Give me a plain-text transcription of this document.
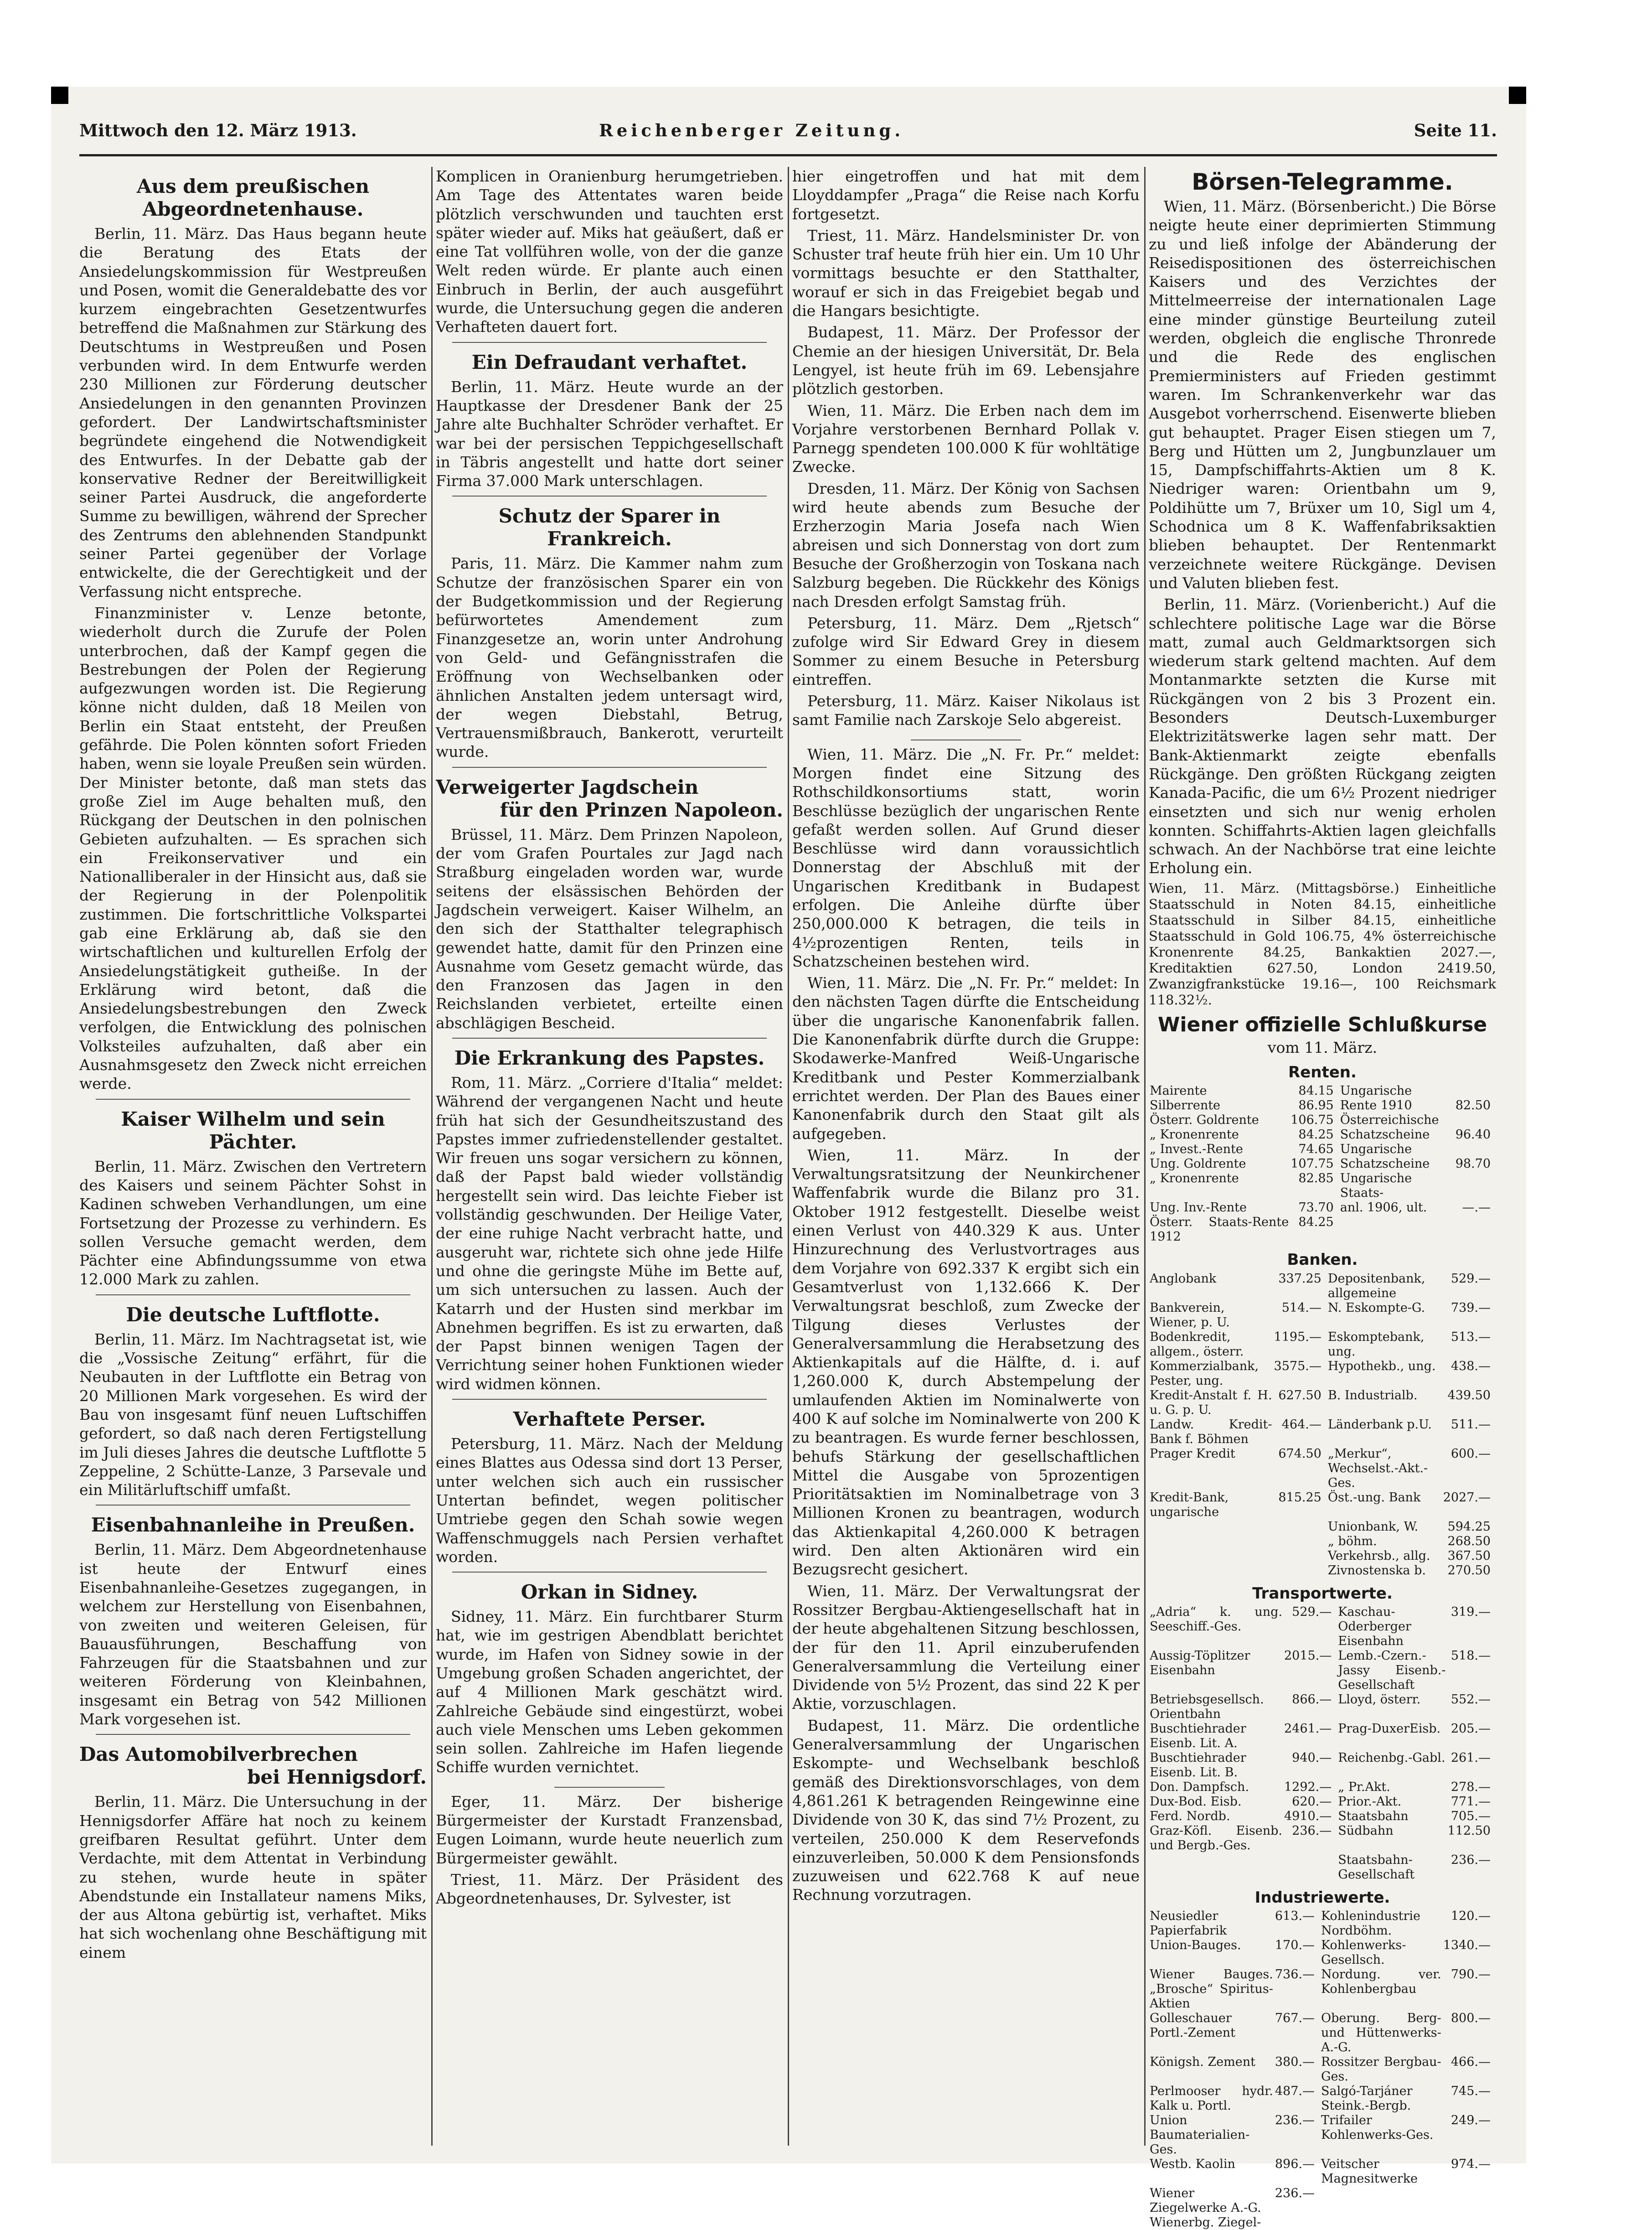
Mittwoch den 12. März 1913.	Reichenberger Zeitung.	Seite 11.
Aus dem preußischen Abgeordnetenhause.

Berlin, 11. März. Das Haus begann heute die Beratung des Etats der Ansiedelungskommission für Westpreußen und Posen, womit die Generaldebatte des vor kurzem eingebrachten Gesetzentwurfes betreffend die Maßnahmen zur Stärkung des Deutschtums in Westpreußen und Posen verbunden wird. In dem Entwurfe werden 230 Millionen zur Förderung deutscher Ansiedelungen in den genannten Provinzen gefordert. Der Landwirtschaftsminister begründete eingehend die Notwendigkeit des Entwurfes. In der Debatte gab der konservative Redner der Bereitwilligkeit seiner Partei Ausdruck, die angeforderte Summe zu bewilligen, während der Sprecher des Zentrums den ablehnenden Standpunkt seiner Partei gegenüber der Vorlage entwickelte, die der Gerechtigkeit und der Verfassung nicht entspreche.

Finanzminister v. Lenze betonte, wiederholt durch die Zurufe der Polen unterbrochen, daß der Kampf gegen die Bestrebungen der Polen der Regierung aufgezwungen worden ist. Die Regierung könne nicht dulden, daß 18 Meilen von Berlin ein Staat entsteht, der Preußen gefährde. Die Polen könnten sofort Frieden haben, wenn sie loyale Preußen sein würden. Der Minister betonte, daß man stets das große Ziel im Auge behalten muß, den Rückgang der Deutschen in den polnischen Gebieten aufzuhalten. — Es sprachen sich ein Freikonservativer und ein Nationalliberaler in der Hinsicht aus, daß sie der Regierung in der Polenpolitik zustimmen. Die fortschrittliche Volkspartei gab eine Erklärung ab, daß sie den wirtschaftlichen und kulturellen Erfolg der Ansiedelungstätigkeit gutheiße. In der Erklärung wird betont, daß die Ansiedelungsbestrebungen den Zweck verfolgen, die Entwicklung des polnischen Volksteiles aufzuhalten, daß aber ein Ausnahmsgesetz den Zweck nicht erreichen werde.

Kaiser Wilhelm und sein Pächter.

Berlin, 11. März. Zwischen den Vertretern des Kaisers und seinem Pächter Sohst in Kadinen schweben Verhandlungen, um eine Fortsetzung der Prozesse zu verhindern. Es sollen Versuche gemacht werden, dem Pächter eine Abfindungssumme von etwa 12.000 Mark zu zahlen.

Die deutsche Luftflotte.

Berlin, 11. März. Im Nachtragsetat ist, wie die „Vossische Zeitung“ erfährt, für die Neubauten in der Luftflotte ein Betrag von 20 Millionen Mark vorgesehen. Es wird der Bau von insgesamt fünf neuen Luftschiffen gefordert, so daß nach deren Fertigstellung im Juli dieses Jahres die deutsche Luftflotte 5 Zeppeline, 2 Schütte-Lanze, 3 Parsevale und ein Militärluftschiff umfaßt.

Eisenbahnanleihe in Preußen.

Berlin, 11. März. Dem Abgeordnetenhause ist heute der Entwurf eines Eisenbahnanleihe-Gesetzes zugegangen, in welchem zur Herstellung von Eisenbahnen, von zweiten und weiteren Geleisen, für Bauausführungen, Beschaffung von Fahrzeugen für die Staatsbahnen und zur weiteren Förderung von Kleinbahnen, insgesamt ein Betrag von 542 Millionen Mark vorgesehen ist.

Das Automobilverbrechen
bei Hennigsdorf.

Berlin, 11. März. Die Untersuchung in der Hennigsdorfer Affäre hat noch zu keinem greifbaren Resultat geführt. Unter dem Verdachte, mit dem Attentat in Verbindung zu stehen, wurde heute in später Abendstunde ein Installateur namens Miks, der aus Altona gebürtig ist, verhaftet. Miks hat sich wochenlang ohne Beschäftigung mit einem

Komplicen in Oranienburg herumgetrieben. Am Tage des Attentates waren beide plötzlich verschwunden und tauchten erst später wieder auf. Miks hat geäußert, daß er eine Tat vollführen wolle, von der die ganze Welt reden würde. Er plante auch einen Einbruch in Berlin, der auch ausgeführt wurde, die Untersuchung gegen die anderen Verhafteten dauert fort.

Ein Defraudant verhaftet.

Berlin, 11. März. Heute wurde an der Hauptkasse der Dresdener Bank der 25 Jahre alte Buchhalter Schröder verhaftet. Er war bei der persischen Teppichgesellschaft in Täbris angestellt und hatte dort seiner Firma 37.000 Mark unterschlagen.

Schutz der Sparer in Frankreich.

Paris, 11. März. Die Kammer nahm zum Schutze der französischen Sparer ein von der Budgetkommission und der Regierung befürwortetes Amendement zum Finanzgesetze an, worin unter Androhung von Geld- und Gefängnisstrafen die Eröffnung von Wechselbanken oder ähnlichen Anstalten jedem untersagt wird, der wegen Diebstahl, Betrug, Vertrauensmißbrauch, Bankerott, verurteilt wurde.

Verweigerter Jagdschein
für den Prinzen Napoleon.

Brüssel, 11. März. Dem Prinzen Napoleon, der vom Grafen Pourtales zur Jagd nach Straßburg eingeladen worden war, wurde seitens der elsässischen Behörden der Jagdschein verweigert. Kaiser Wilhelm, an den sich der Statthalter telegraphisch gewendet hatte, damit für den Prinzen eine Ausnahme vom Gesetz gemacht würde, das den Franzosen das Jagen in den Reichslanden verbietet, erteilte einen abschlägigen Bescheid.

Die Erkrankung des Papstes.

Rom, 11. März. „Corriere d'Italia“ meldet: Während der vergangenen Nacht und heute früh hat sich der Gesundheitszustand des Papstes immer zufriedenstellender gestaltet. Wir freuen uns sogar versichern zu können, daß der Papst bald wieder vollständig hergestellt sein wird. Das leichte Fieber ist vollständig geschwunden. Der Heilige Vater, der eine ruhige Nacht verbracht hatte, und ausgeruht war, richtete sich ohne jede Hilfe und ohne die geringste Mühe im Bette auf, um sich untersuchen zu lassen. Auch der Katarrh und der Husten sind merkbar im Abnehmen begriffen. Es ist zu erwarten, daß der Papst binnen wenigen Tagen der Verrichtung seiner hohen Funktionen wieder wird widmen können.

Verhaftete Perser.

Petersburg, 11. März. Nach der Meldung eines Blattes aus Odessa sind dort 13 Perser, unter welchen sich auch ein russischer Untertan befindet, wegen politischer Umtriebe gegen den Schah sowie wegen Waffenschmuggels nach Persien verhaftet worden.

Orkan in Sidney.

Sidney, 11. März. Ein furchtbarer Sturm hat, wie im gestrigen Abendblatt berichtet wurde, im Hafen von Sidney sowie in der Umgebung großen Schaden angerichtet, der auf 4 Millionen Mark geschätzt wird. Zahlreiche Gebäude sind eingestürzt, wobei auch viele Menschen ums Leben gekommen sein sollen. Zahlreiche im Hafen liegende Schiffe wurden vernichtet.

Eger, 11. März. Der bisherige Bürgermeister der Kurstadt Franzensbad, Eugen Loimann, wurde heute neuerlich zum Bürgermeister gewählt.

Triest, 11. März. Der Präsident des Abgeordnetenhauses, Dr. Sylvester, ist

hier eingetroffen und hat mit dem Lloyddampfer „Praga“ die Reise nach Korfu fortgesetzt.

Triest, 11. März. Handelsminister Dr. von Schuster traf heute früh hier ein. Um 10 Uhr vormittags besuchte er den Statthalter, worauf er sich in das Freigebiet begab und die Hangars besichtigte.

Budapest, 11. März. Der Professor der Chemie an der hiesigen Universität, Dr. Bela Lengyel, ist heute früh im 69. Lebensjahre plötzlich gestorben.

Wien, 11. März. Die Erben nach dem im Vorjahre verstorbenen Bernhard Pollak v. Parnegg spendeten 100.000 K für wohltätige Zwecke.

Dresden, 11. März. Der König von Sachsen wird heute abends zum Besuche der Erzherzogin Maria Josefa nach Wien abreisen und sich Donnerstag von dort zum Besuche der Großherzogin von Toskana nach Salzburg begeben. Die Rückkehr des Königs nach Dresden erfolgt Samstag früh.

Petersburg, 11. März. Dem „Rjetsch“ zufolge wird Sir Edward Grey in diesem Sommer zu einem Besuche in Petersburg eintreffen.

Petersburg, 11. März. Kaiser Nikolaus ist samt Familie nach Zarskoje Selo abgereist.

Wien, 11. März. Die „N. Fr. Pr.“ meldet: Morgen findet eine Sitzung des Rothschildkonsortiums statt, worin Beschlüsse bezüglich der ungarischen Rente gefaßt werden sollen. Auf Grund dieser Beschlüsse wird dann voraussichtlich Donnerstag der Abschluß mit der Ungarischen Kreditbank in Budapest erfolgen. Die Anleihe dürfte über 250,000.000 K betragen, die teils in 4½prozentigen Renten, teils in Schatzscheinen bestehen wird.

Wien, 11. März. Die „N. Fr. Pr.“ meldet: In den nächsten Tagen dürfte die Entscheidung über die ungarische Kanonenfabrik fallen. Die Kanonenfabrik dürfte durch die Gruppe: Skodawerke-Manfred Weiß-Ungarische Kreditbank und Pester Kommerzialbank errichtet werden. Der Plan des Baues einer Kanonenfabrik durch den Staat gilt als aufgegeben.

Wien, 11. März. In der Verwaltungsratsitzung der Neunkirchener Waffenfabrik wurde die Bilanz pro 31. Oktober 1912 festgestellt. Dieselbe weist einen Verlust von 440.329 K aus. Unter Hinzurechnung des Verlustvortrages aus dem Vorjahre von 692.337 K ergibt sich ein Gesamtverlust von 1,132.666 K. Der Verwaltungsrat beschloß, zum Zwecke der Tilgung dieses Verlustes der Generalversammlung die Herabsetzung des Aktienkapitals auf die Hälfte, d. i. auf 1,260.000 K, durch Abstempelung der umlaufenden Aktien im Nominalwerte von 400 K auf solche im Nominalwerte von 200 K zu beantragen. Es wurde ferner beschlossen, behufs Stärkung der gesellschaftlichen Mittel die Ausgabe von 5prozentigen Prioritätsaktien im Nominalbetrage von 3 Millionen Kronen zu beantragen, wodurch das Aktienkapital 4,260.000 K betragen wird. Den alten Aktionären wird ein Bezugsrecht gesichert.

Wien, 11. März. Der Verwaltungsrat der Rossitzer Bergbau-Aktiengesellschaft hat in der heute abgehaltenen Sitzung beschlossen, der für den 11. April einzuberufenden Generalversammlung die Verteilung einer Dividende von 5½ Prozent, das sind 22 K per Aktie, vorzuschlagen.

Budapest, 11. März. Die ordentliche Generalversammlung der Ungarischen Eskompte- und Wechselbank beschloß gemäß des Direktionsvorschlages, von dem 4,861.261 K betragenden Reingewinne eine Dividende von 30 K, das sind 7½ Prozent, zu verteilen, 250.000 K dem Reservefonds einzuverleiben, 50.000 K dem Pensionsfonds zuzuweisen und 622.768 K auf neue Rechnung vorzutragen.

Börsen-Telegramme.

Wien, 11. März. (Börsenbericht.) Die Börse neigte heute einer deprimierten Stimmung zu und ließ infolge der Abänderung der Reisedispositionen des österreichischen Kaisers und des Verzichtes der Mittelmeerreise der internationalen Lage eine minder günstige Beurteilung zuteil werden, obgleich die englische Thronrede und die Rede des englischen Premierministers auf Frieden gestimmt waren. Im Schrankenverkehr war das Ausgebot vorherrschend. Eisenwerte blieben gut behauptet. Prager Eisen stiegen um 7, Berg und Hütten um 2, Jungbunzlauer um 15, Dampfschiffahrts-Aktien um 8 K. Niedriger waren: Orientbahn um 9, Poldihütte um 7, Brüxer um 10, Sigl um 4, Schodnica um 8 K. Waffenfabriksaktien blieben behauptet. Der Rentenmarkt verzeichnete weitere Rückgänge. Devisen und Valuten blieben fest.

Berlin, 11. März. (Vorienbericht.) Auf die schlechtere politische Lage war die Börse matt, zumal auch Geldmarktsorgen sich wiederum stark geltend machten. Auf dem Montanmarkte setzten die Kurse mit Rückgängen von 2 bis 3 Prozent ein. Besonders Deutsch-Luxemburger Elektrizitätswerke lagen sehr matt. Der Bank-Aktienmarkt zeigte ebenfalls Rückgänge. Den größten Rückgang zeigten Kanada-Pacific, die um 6½ Prozent niedriger einsetzten und sich nur wenig erholen konnten. Schiffahrts-Aktien lagen gleichfalls schwach. An der Nachbörse trat eine leichte Erholung ein.

Wien, 11. März. (Mittagsbörse.) Einheitliche Staatsschuld in Noten 84.15, einheitliche Staatsschuld in Silber 84.15, einheitliche Staatsschuld in Gold 106.75, 4% österreichische Kronenrente 84.25, Bankaktien 2027.—, Kreditaktien 627.50, London 2419.50, Zwanzigfrankstücke 19.16—, 100 Reichsmark 118.32½.

Wiener offizielle Schlußkurse
vom 11. März.
Renten.
Mairente	84.15	Ungarische	
Silberrente	86.95	Rente 1910	82.50
Österr. Goldrente	106.75	Österreichische	
„ Kronenrente	84.25	Schatzscheine	96.40
„ Invest.-Rente	74.65	Ungarische	
Ung. Goldrente	107.75	Schatzscheine	98.70
„ Kronenrente	82.85	Ungarische Staats-	
Ung. Inv.-Rente	73.70	anl. 1906, ult.	—.—
Österr. Staats-Rente 1912	84.25		
Banken.
Anglobank	337.25	Depositenbank, allgemeine	529.—
Bankverein, Wiener, p. U.	514.—	N. Eskompte-G.	739.—
Bodenkredit, allgem., österr.	1195.—	Eskomptebank, ung.	513.—
Kommerzialbank, Pester, ung.	3575.—	Hypothekb., ung.	438.—
Kredit-Anstalt f. H. u. G. p. U.	627.50	B. Industrialb.	439.50
Landw. Kredit-Bank f. Böhmen	464.—	Länderbank p.U.	511.—
Prager Kredit	674.50	„Merkur“, Wechselst.-Akt.-Ges.	600.—
Kredit-Bank, ungarische	815.25	Öst.-ung. Bank	2027.—
		Unionbank, W.	594.25
		„ böhm.	268.50
		Verkehrsb., allg.	367.50
		Zivnostenska b.	270.50
Transportwerte.
„Adria“ k. ung. Seeschiff.-Ges.	529.—	Kaschau-Oderberger Eisenbahn	319.—
Aussig-Töplitzer Eisenbahn	2015.—	Lemb.-Czern.-Jassy Eisenb.-Gesellschaft	518.—
Betriebsgesellsch. Orientbahn	866.—	Lloyd, österr.	552.—
Buschtiehrader Eisenb. Lit. A.	2461.—	Prag-DuxerEisb.	205.—
Buschtiehrader Eisenb. Lit. B.	940.—	Reichenbg.-Gabl.	261.—
Don. Dampfsch.	1292.—	„ Pr.Akt.	278.—
Dux-Bod. Eisb.	620.—	Prior.-Akt.	771.—
Ferd. Nordb.	4910.—	Staatsbahn	705.—
Graz-Köfl. Eisenb. und Bergb.-Ges.	236.—	Südbahn	112.50
		Staatsbahn-Gesellschaft	236.—
Industriewerte.
Neusiedler Papierfabrik	613.—	Kohlenindustrie Nordböhm.	120.—
Union-Bauges.	170.—	Kohlenwerks-Gesellsch.	1340.—
Wiener Bauges. „Brosche“ Spiritus-Aktien	736.—	Nordung. ver. Kohlenbergbau	790.—
Golleschauer Portl.-Zement	767.—	Oberung. Berg- und Hüttenwerks-A.-G.	800.—
Königsh. Zement	380.—	Rossitzer Bergbau-Ges.	466.—
Perlmooser hydr. Kalk u. Portl.	487.—	Salgó-Tarjáner Steink.-Bergb.	745.—
Union Baumaterialien-Ges.	236.—	Trifailer Kohlenwerks-Ges.	249.—
Westb. Kaolin	896.—	Veitscher Magnesitwerke	974.—
Wiener Ziegelwerke A.-G.	236.—		
Wienerbg. Ziegel-			
